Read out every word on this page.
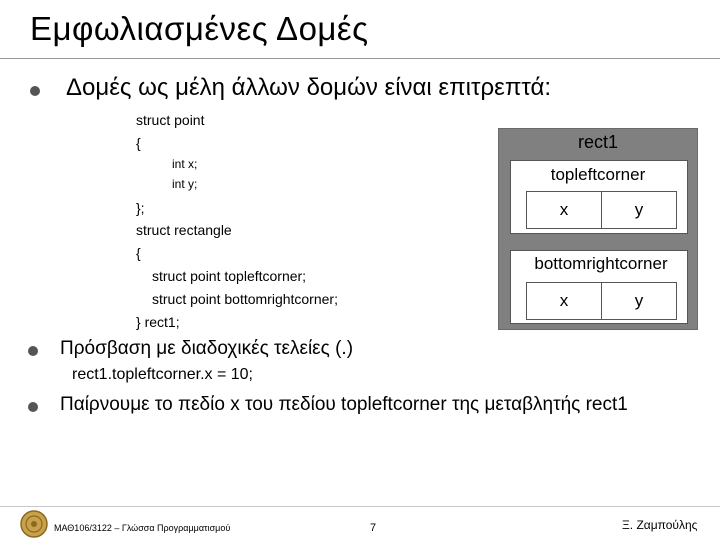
Εμφωλιασμένες Δομές
Δομές ως μέλη άλλων δομών είναι επιτρεπτά:
struct point
{
int x;
int y;
};
struct rectangle
{
struct point topleftcorner;
struct point bottomrightcorner;
} rect1;
rect1
topleftcorner
x	y
bottomrightcorner
x	y
Πρόσβαση με διαδοχικές τελείες (.)
rect1.topleftcorner.x = 10;
Παίρνουμε το πεδίο x του πεδίου topleftcorner της μεταβλητής rect1
ΜΑΘ106/3122 – Γλώσσα Προγραμματισμού	7	Ξ. Ζαμπούλης
